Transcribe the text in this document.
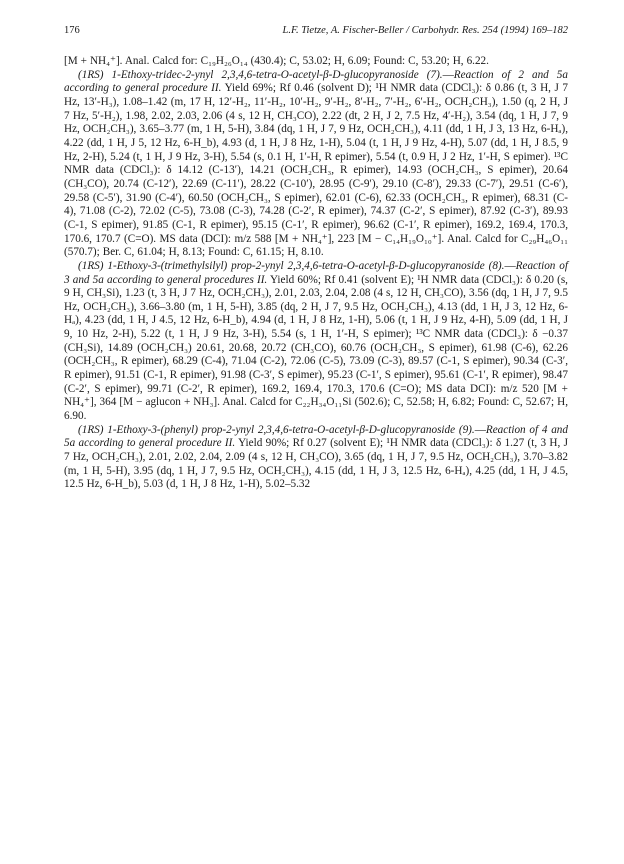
176	L.F. Tietze, A. Fischer-Beller / Carbohydr. Res. 254 (1994) 169–182

[M + NH₄⁺]. Anal. Calcd for: C₁₉H₂₆O₁₄ (430.4); C, 53.02; H, 6.09; Found: C, 53.20; H, 6.22.

(1RS) 1-Ethoxy-tridec-2-ynyl 2,3,4,6-tetra-O-acetyl-β-D-glucopyranoside (7).—Reaction of 2 and 5a according to general procedure II. Yield 69%; Rf 0.46 (solvent D); ¹H NMR data (CDCl₃): δ 0.86 (t, 3 H, J 7 Hz, 13′-H₃), 1.08–1.42 (m, 17 H, 12′-H₂, 11′-H₂, 10′-H₂, 9′-H₂, 8′-H₂, 7′-H₂, 6′-H₂, OCH₂CH₃), 1.50 (q, 2 H, J 7 Hz, 5′-H₂), 1.98, 2.02, 2.03, 2.06 (4 s, 12 H, CH₃CO), 2.22 (dt, 2 H, J 2, 7.5 Hz, 4′-H₂), 3.54 (dq, 1 H, J 7, 9 Hz, OCH₂CH₃), 3.65–3.77 (m, 1 H, 5-H), 3.84 (dq, 1 H, J 7, 9 Hz, OCH₂CH₃), 4.11 (dd, 1 H, J 3, 13 Hz, 6-Hₐ), 4.22 (dd, 1 H, J 5, 12 Hz, 6-H_b), 4.93 (d, 1 H, J 8 Hz, 1-H), 5.04 (t, 1 H, J 9 Hz, 4-H), 5.07 (dd, 1 H, J 8.5, 9 Hz, 2-H), 5.24 (t, 1 H, J 9 Hz, 3-H), 5.54 (s, 0.1 H, 1′-H, R epimer), 5.54 (t, 0.9 H, J 2 Hz, 1′-H, S epimer). ¹³C NMR data (CDCl₃): δ 14.12 (C-13′), 14.21 (OCH₂CH₃, R epimer), 14.93 (OCH₂CH₃, S epimer), 20.64 (CH₃CO), 20.74 (C-12′), 22.69 (C-11′), 28.22 (C-10′), 28.95 (C-9′), 29.10 (C-8′), 29.33 (C-7′), 29.51 (C-6′), 29.58 (C-5′), 31.90 (C-4′), 60.50 (OCH₂CH₃, S epimer), 62.01 (C-6), 62.33 (OCH₂CH₃, R epimer), 68.31 (C-4), 71.08 (C-2), 72.02 (C-5), 73.08 (C-3), 74.28 (C-2′, R epimer), 74.37 (C-2′, S epimer), 87.92 (C-3′), 89.93 (C-1, S epimer), 91.85 (C-1, R epimer), 95.15 (C-1′, R epimer), 96.62 (C-1′, R epimer), 169.2, 169.4, 170.3, 170.6, 170.7 (C=O). MS data (DCI): m/z 588 [M + NH₄⁺], 223 [M − C₁₄H₁₉O₁₀⁺]. Anal. Calcd for C₂₉H₄₆O₁₁ (570.7); Ber. C, 61.04; H, 8.13; Found: C, 61.15; H, 8.10.

(1RS) 1-Ethoxy-3-(trimethylsilyl) prop-2-ynyl 2,3,4,6-tetra-O-acetyl-β-D-glucopyranoside (8).—Reaction of 3 and 5a according to general procedures II. Yield 60%; Rf 0.41 (solvent E); ¹H NMR data (CDCl₃): δ 0.20 (s, 9 H, CH₃Si), 1.23 (t, 3 H, J 7 Hz, OCH₂CH₃), 2.01, 2.03, 2.04, 2.08 (4 s, 12 H, CH₃CO), 3.56 (dq, 1 H, J 7, 9.5 Hz, OCH₂CH₃), 3.66–3.80 (m, 1 H, 5-H), 3.85 (dq, 2 H, J 7, 9.5 Hz, OCH₂CH₃), 4.13 (dd, 1 H, J 3, 12 Hz, 6-Hₐ), 4.23 (dd, 1 H, J 4.5, 12 Hz, 6-H_b), 4.94 (d, 1 H, J 8 Hz, 1-H), 5.06 (t, 1 H, J 9 Hz, 4-H), 5.09 (dd, 1 H, J 9, 10 Hz, 2-H), 5.22 (t, 1 H, J 9 Hz, 3-H), 5.54 (s, 1 H, 1′-H, S epimer); ¹³C NMR data (CDCl₃): δ −0.37 (CH₃Si), 14.89 (OCH₂CH₃) 20.61, 20.68, 20.72 (CH₃CO), 60.76 (OCH₂CH₃, S epimer), 61.98 (C-6), 62.26 (OCH₂CH₃, R epimer), 68.29 (C-4), 71.04 (C-2), 72.06 (C-5), 73.09 (C-3), 89.57 (C-1, S epimer), 90.34 (C-3′, R epimer), 91.51 (C-1, R epimer), 91.98 (C-3′, S epimer), 95.23 (C-1′, S epimer), 95.61 (C-1′, R epimer), 98.47 (C-2′, S epimer), 99.71 (C-2′, R epimer), 169.2, 169.4, 170.3, 170.6 (C=O); MS data DCI): m/z 520 [M + NH₄⁺], 364 [M − aglucon + NH₃]. Anal. Calcd for C₂₂H₃₄O₁₁Si (502.6); C, 52.58; H, 6.82; Found: C, 52.67; H, 6.90.

(1RS) 1-Ethoxy-3-(phenyl) prop-2-ynyl 2,3,4,6-tetra-O-acetyl-β-D-glucopyranoside (9).—Reaction of 4 and 5a according to general procedure II. Yield 90%; Rf 0.27 (solvent E); ¹H NMR data (CDCl₃): δ 1.27 (t, 3 H, J 7 Hz, OCH₂CH₃), 2.01, 2.02, 2.04, 2.09 (4 s, 12 H, CH₃CO), 3.65 (dq, 1 H, J 7, 9.5 Hz, OCH₂CH₃), 3.70–3.82 (m, 1 H, 5-H), 3.95 (dq, 1 H, J 7, 9.5 Hz, OCH₂CH₃), 4.15 (dd, 1 H, J 3, 12.5 Hz, 6-Hₐ), 4.25 (dd, 1 H, J 4.5, 12.5 Hz, 6-H_b), 5.03 (d, 1 H, J 8 Hz, 1-H), 5.02–5.32
